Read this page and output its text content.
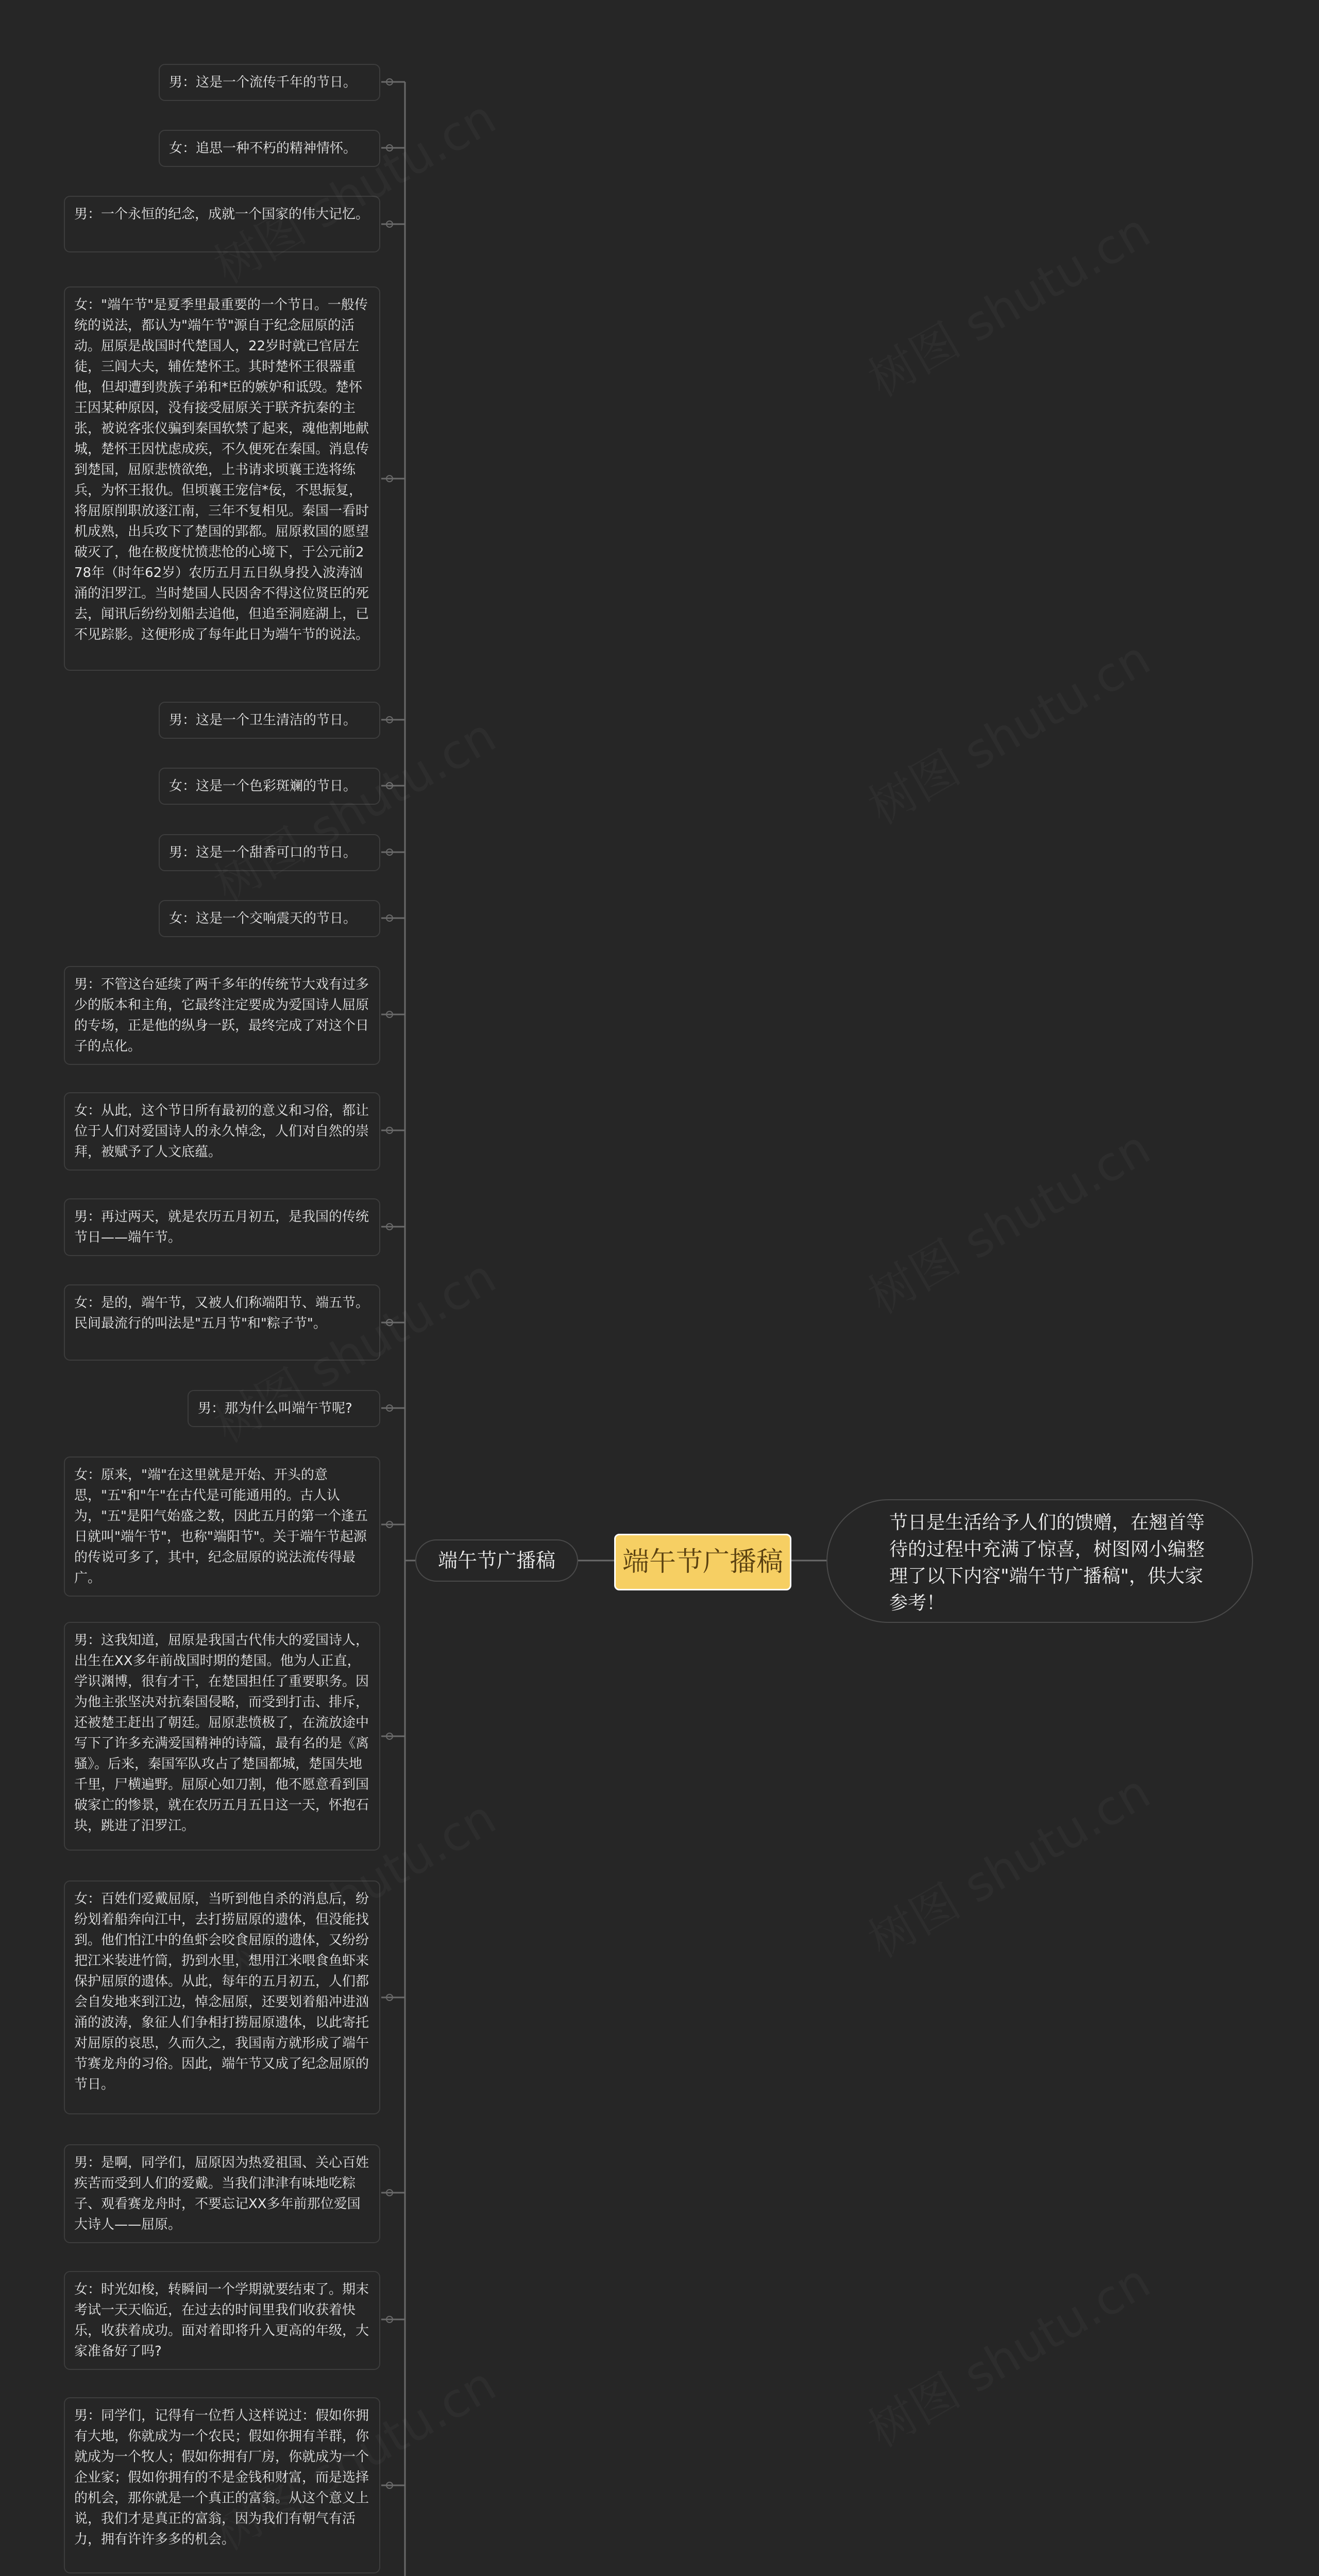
男：这是一个流传千年的节日。
女：追思一种不朽的精神情怀。
男：一个永恒的纪念，成就一个国家的伟大记忆。
女："端午节"是夏季里最重要的一个节日。一般传统的说法，都认为"端午节"源自于纪念屈原的活动。屈原是战国时代楚国人，22岁时就已官居左徒，三闾大夫，辅佐楚怀王。其时楚怀王很器重他，但却遭到贵族子弟和*臣的嫉妒和诋毁。楚怀王因某种原因，没有接受屈原关于联齐抗秦的主张，被说客张仪骗到秦国软禁了起来，魂他割地献城，楚怀王因忧虑成疾，不久便死在秦国。消息传到楚国，屈原悲愤欲绝，上书请求顷襄王选将练兵，为怀王报仇。但顷襄王宠信*佞，不思振复，将屈原削职放逐江南，三年不复相见。秦国一看时机成熟，出兵攻下了楚国的郢都。屈原救国的愿望破灭了，他在极度忧愤悲怆的心境下，于公元前278年（时年62岁）农历五月五日纵身投入波涛汹涌的汨罗江。当时楚国人民因舍不得这位贤臣的死去，闻讯后纷纷划船去追他，但追至洞庭湖上，已不见踪影。这便形成了每年此日为端午节的说法。
男：这是一个卫生清洁的节日。
女：这是一个色彩斑斓的节日。
男：这是一个甜香可口的节日。
女：这是一个交响震天的节日。
男：不管这台延续了两千多年的传统节大戏有过多少的版本和主角，它最终注定要成为爱国诗人屈原的专场，正是他的纵身一跃，最终完成了对这个日子的点化。
女：从此，这个节日所有最初的意义和习俗，都让位于人们对爱国诗人的永久悼念，人们对自然的崇拜，被赋予了人文底蕴。
男：再过两天，就是农历五月初五，是我国的传统节日——端午节。
女：是的，端午节，又被人们称端阳节、端五节。民间最流行的叫法是"五月节"和"粽子节"。
男：那为什么叫端午节呢?
女：原来，"端"在这里就是开始、开头的意思，"五"和"午"在古代是可能通用的。古人认为，"五"是阳气始盛之数，因此五月的第一个逢五日就叫"端午节"，也称"端阳节"。关于端午节起源的传说可多了，其中，纪念屈原的说法流传得最广。
男：这我知道，屈原是我国古代伟大的爱国诗人，出生在XX多年前战国时期的楚国。他为人正直，学识渊博，很有才干，在楚国担任了重要职务。因为他主张坚决对抗秦国侵略，而受到打击、排斥，还被楚王赶出了朝廷。屈原悲愤极了，在流放途中写下了许多充满爱国精神的诗篇，最有名的是《离骚》。后来，秦国军队攻占了楚国都城，楚国失地千里，尸横遍野。屈原心如刀割，他不愿意看到国破家亡的惨景，就在农历五月五日这一天，怀抱石块，跳进了汨罗江。
女：百姓们爱戴屈原，当听到他自杀的消息后，纷纷划着船奔向江中，去打捞屈原的遗体，但没能找到。他们怕江中的鱼虾会咬食屈原的遗体，又纷纷把江米装进竹筒，扔到水里，想用江米喂食鱼虾来保护屈原的遗体。从此，每年的五月初五，人们都会自发地来到江边，悼念屈原，还要划着船冲进汹涌的波涛，象征人们争相打捞屈原遗体，以此寄托对屈原的哀思，久而久之，我国南方就形成了端午节赛龙舟的习俗。因此，端午节又成了纪念屈原的节日。
男：是啊，同学们，屈原因为热爱祖国、关心百姓疾苦而受到人们的爱戴。当我们津津有味地吃粽子、观看赛龙舟时，不要忘记XX多年前那位爱国大诗人——屈原。
女：时光如梭，转瞬间一个学期就要结束了。期末考试一天天临近，在过去的时间里我们收获着快乐，收获着成功。面对着即将升入更高的年级，大家准备好了吗?
男：同学们，记得有一位哲人这样说过：假如你拥有大地，你就成为一个农民；假如你拥有羊群，你就成为一个牧人；假如你拥有厂房，你就成为一个企业家；假如你拥有的不是金钱和财富，而是选择的机会，那你就是一个真正的富翁。从这个意义上说，我们才是真正的富翁，因为我们有朝气有活力，拥有许许多多的机会。
端午节广播稿	端午节广播稿
节日是生活给予人们的馈赠，在翘首等待的过程中充满了惊喜，树图网小编整理了以下内容"端午节广播稿"，供大家参考！
